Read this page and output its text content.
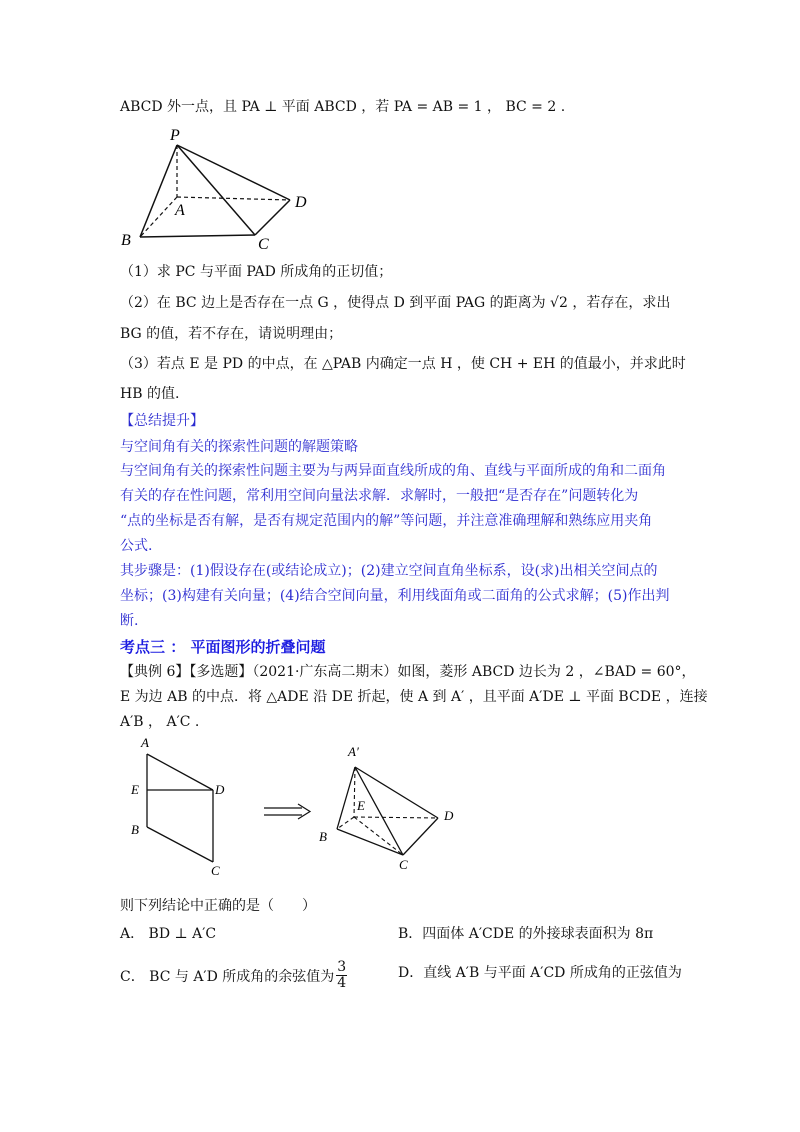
ABCD 外一点，且 PA ⊥ 平面 ABCD ，若 PA = AB = 1 ， BC = 2 .
P
A
B	C
D
（1）求 PC 与平面 PAD 所成角的正切值；
（2）在 BC 边上是否存在一点 G ，使得点 D 到平面 PAG 的距离为 √2 ，若存在，求出
BG 的值，若不存在，请说明理由；
（3）若点 E 是 PD 的中点，在 △PAB 内确定一点 H ，使 CH + EH 的值最小，并求此时
HB 的值.
【总结提升】
与空间角有关的探索性问题的解题策略
与空间角有关的探索性问题主要为与两异面直线所成的角、直线与平面所成的角和二面角
有关的存在性问题，常利用空间向量法求解．求解时，一般把“是否存在”问题转化为
“点的坐标是否有解，是否有规定范围内的解”等问题，并注意准确理解和熟练应用夹角
公式.
其步骤是：(1)假设存在(或结论成立)；(2)建立空间直角坐标系，设(求)出相关空间点的
坐标；(3)构建有关向量；(4)结合空间向量，利用线面角或二面角的公式求解；(5)作出判
断.
考点三 ： 平面图形的折叠问题
【典例 6】【多选题】（2021·广东高二期末）如图，菱形 ABCD 边长为 2 ，∠BAD = 60°，
E 为边 AB 的中点．将 △ADE 沿 DE 折起，使 A 到 A′ ，且平面 A′DE ⊥ 平面 BCDE ，连接
A′B ， A′C .
A
E	D
B
C
A′
E
D
B
C
则下列结论中正确的是（　　）
A． BD ⊥ A′C	B．四面体 A′CDE 的外接球表面积为 8π
C． BC 与 A′D 所成角的余弦值为 $\frac{3}{4}$	D．直线 A′B 与平面 A′CD 所成角的正弦值为
